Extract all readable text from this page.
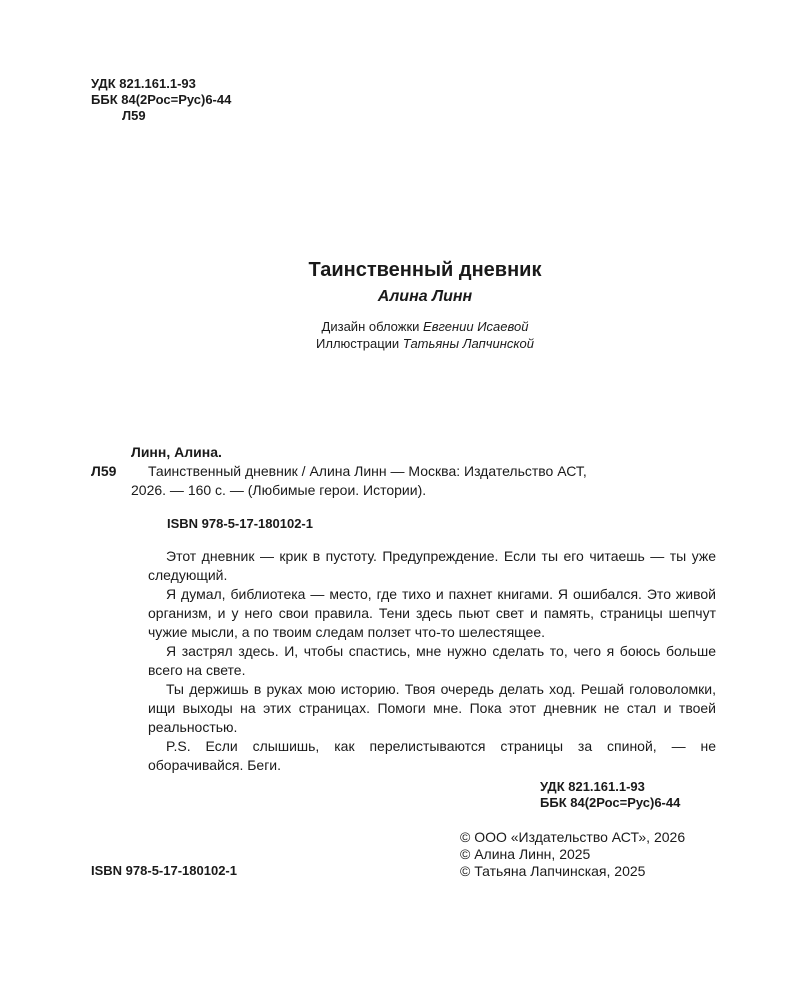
УДК 821.161.1-93
ББК 84(2Рос=Рус)6-44
Л59
Таинственный дневник
Алина Линн
Дизайн обложки Евгении Исаевой
Иллюстрации Татьяны Лапчинской
Линн, Алина.
Л59 Таинственный дневник / Алина Линн — Москва: Издательство АСТ,
2026. — 160 с. — (Любимые герои. Истории).
ISBN 978-5-17-180102-1

Этот дневник — крик в пустоту. Предупреждение. Если ты его читаешь — ты уже следующий.

Я думал, библиотека — место, где тихо и пахнет книгами. Я ошибался. Это живой организм, и у него свои правила. Тени здесь пьют свет и память, страницы шепчут чужие мысли, а по твоим следам ползет что-то шелестящее.

Я застрял здесь. И, чтобы спастись, мне нужно сделать то, чего я боюсь больше всего на свете.

Ты держишь в руках мою историю. Твоя очередь делать ход. Решай головоломки, ищи выходы на этих страницах. Помоги мне. Пока этот дневник не стал и твоей реальностью.

P.S. Если слышишь, как перелистываются страницы за спиной, — не оборачивайся. Беги.

УДК 821.161.1-93
ББК 84(2Рос=Рус)6-44
ISBN 978-5-17-180102-1
© ООО «Издательство АСТ», 2026
© Алина Линн, 2025
© Татьяна Лапчинская, 2025
